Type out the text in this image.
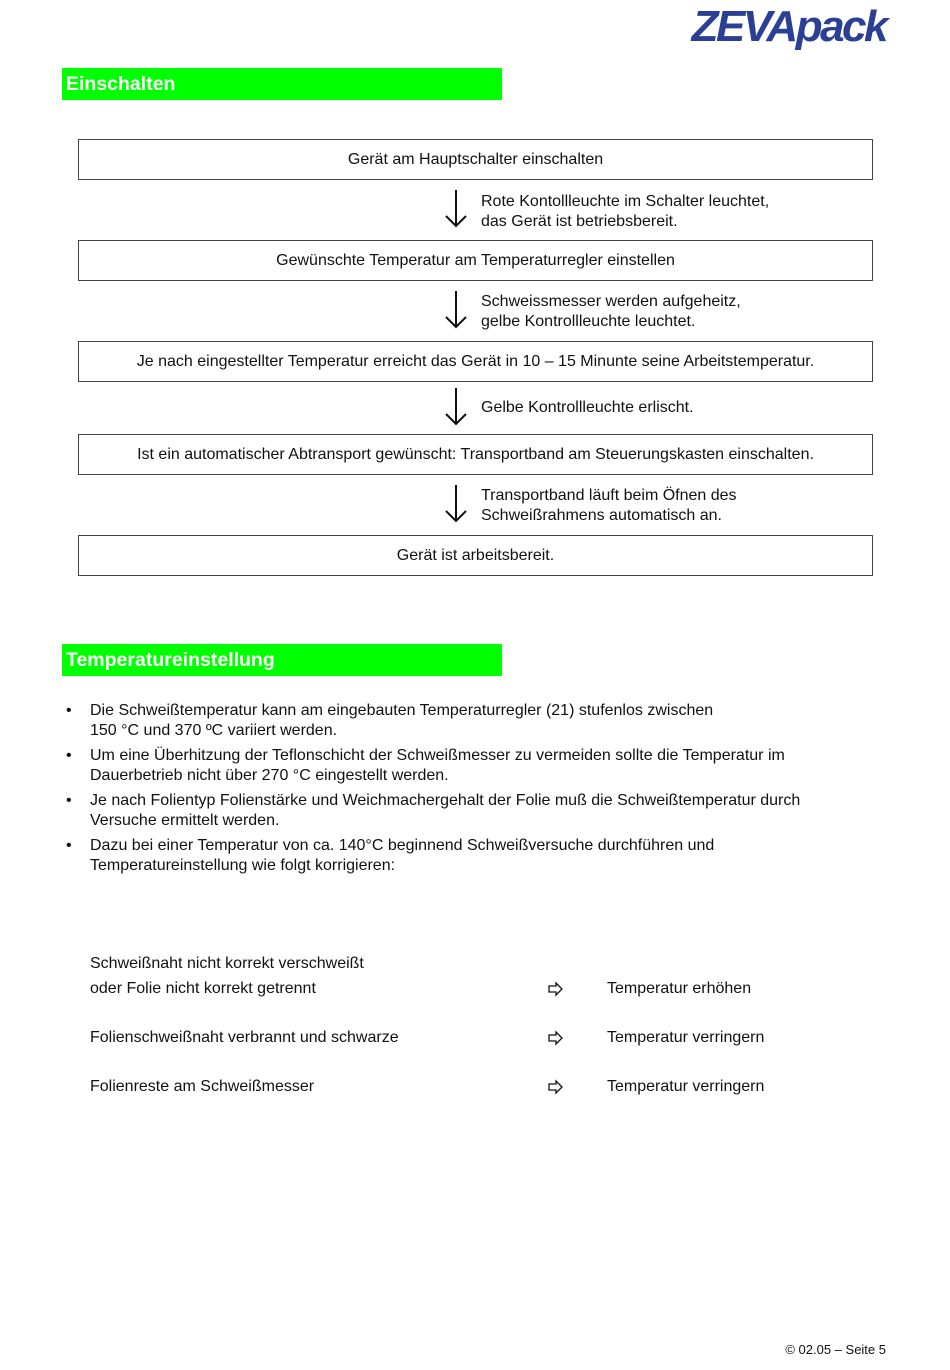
ZEVApack
Einschalten
Gerät am Hauptschalter einschalten
Rote Kontollleuchte im Schalter leuchtet,
das Gerät ist betriebsbereit.
Gewünschte Temperatur am Temperaturregler einstellen
Schweissmesser werden aufgeheitz,
gelbe Kontrollleuchte leuchtet.
Je nach eingestellter Temperatur erreicht das Gerät in 10 – 15 Minunte seine Arbeitstemperatur.
Gelbe Kontrollleuchte erlischt.
Ist ein automatischer Abtransport gewünscht: Transportband am Steuerungskasten einschalten.
Transportband läuft beim Öfnen des
Schweißrahmens automatisch an.
Gerät ist arbeitsbereit.
Temperatureinstellung
• Die Schweißtemperatur kann am eingebauten Temperaturregler (21) stufenlos zwischen
150 °C und 370 ºC variiert werden.
• Um eine Überhitzung der Teflonschicht der Schweißmesser zu vermeiden sollte die Temperatur im
Dauerbetrieb nicht über 270 °C eingestellt werden.
• Je nach Folientyp Folienstärke und Weichmachergehalt der Folie muß die Schweißtemperatur durch
Versuche ermittelt werden.
• Dazu bei einer Temperatur von ca. 140°C beginnend Schweißversuche durchführen und
Temperatureinstellung wie folgt korrigieren:
Schweißnaht nicht korrekt verschweißt
oder Folie nicht korrekt getrennt	Temperatur erhöhen
Folienschweißnaht verbrannt und schwarze	Temperatur verringern
Folienreste am Schweißmesser	Temperatur verringern
© 02.05 – Seite 5
